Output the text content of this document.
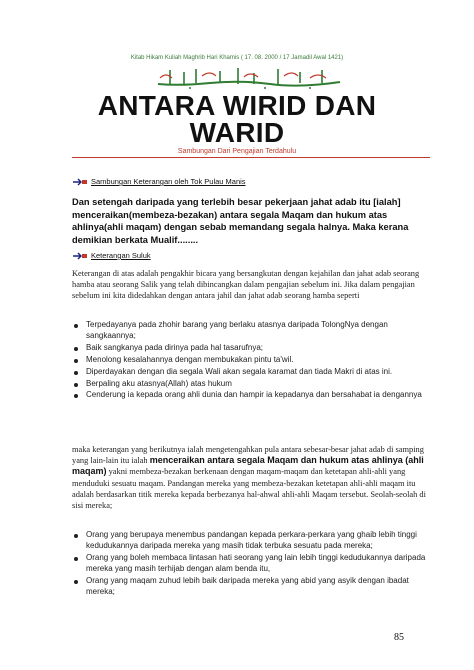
Kitab Hikam Kuliah Maghrib Hari Khamis ( 17. 08. 2000 / 17 Jamadil Awal 1421)
ANTARA WIRID DAN
WARID
Sambungan Dari Pengajian Terdahulu
Sambungan Keterangan oleh Tok Pulau Manis
Dan setengah daripada yang terlebih besar pekerjaan jahat adab itu [ialah] menceraikan(membeza-bezakan) antara segala Maqam dan hukum atas ahlinya(ahli maqam) dengan sebab memandang segala halnya. Maka kerana demikian berkata Mualif........
Keterangan Suluk
Keterangan di atas adalah pengakhir bicara yang bersangkutan dengan kejahilan dan jahat adab seorang hamba atau seorang Salik yang telah dibincangkan dalam pengajian sebelum ini. Jika dalam pengajian sebelum ini kita didedahkan dengan antara jahil dan jahat adab seorang hamba seperti
Terpedayanya pada zhohir barang yang berlaku atasnya daripada TolongNya dengan sangkaannya;
Baik sangkanya pada dirinya pada hal tasarufnya;
Menolong kesalahannya dengan membukakan pintu ta'wil.
Diperdayakan dengan dia segala Wali akan segala karamat dan tiada Makri di atas ini.
Berpaling aku atasnya(Allah) atas hukum
Cenderung ia kepada orang ahli dunia dan hampir ia kepadanya dan bersahabat ia dengannya
maka keterangan yang berikutnya ialah mengetengahkan pula antara sebesar-besar jahat adab di samping yang lain-lain itu ialah menceraikan antara segala Maqam dan hukum atas ahlinya (ahli maqam) yakni membeza-bezakan berkenaan dengan maqam-maqam dan ketetapan ahli-ahli yang menduduki sesuatu maqam. Pandangan mereka yang membeza-bezakan ketetapan ahli-ahli maqam itu adalah berdasarkan titik mereka kepada berbezanya hal-ahwal ahli-ahli Maqam tersebut. Seolah-seolah di sisi mereka;
Orang yang berupaya menembus pandangan kepada perkara-perkara yang ghaib lebih tinggi kedudukannya daripada mereka yang masih tidak terbuka sesuatu pada mereka;
Orang yang boleh membaca lintasan hati seorang yang lain lebih tinggi kedudukannya daripada mereka yang masih terhijab dengan alam benda itu,
Orang yang maqam zuhud lebih baik daripada mereka yang abid yang asyik dengan ibadat mereka;
85
